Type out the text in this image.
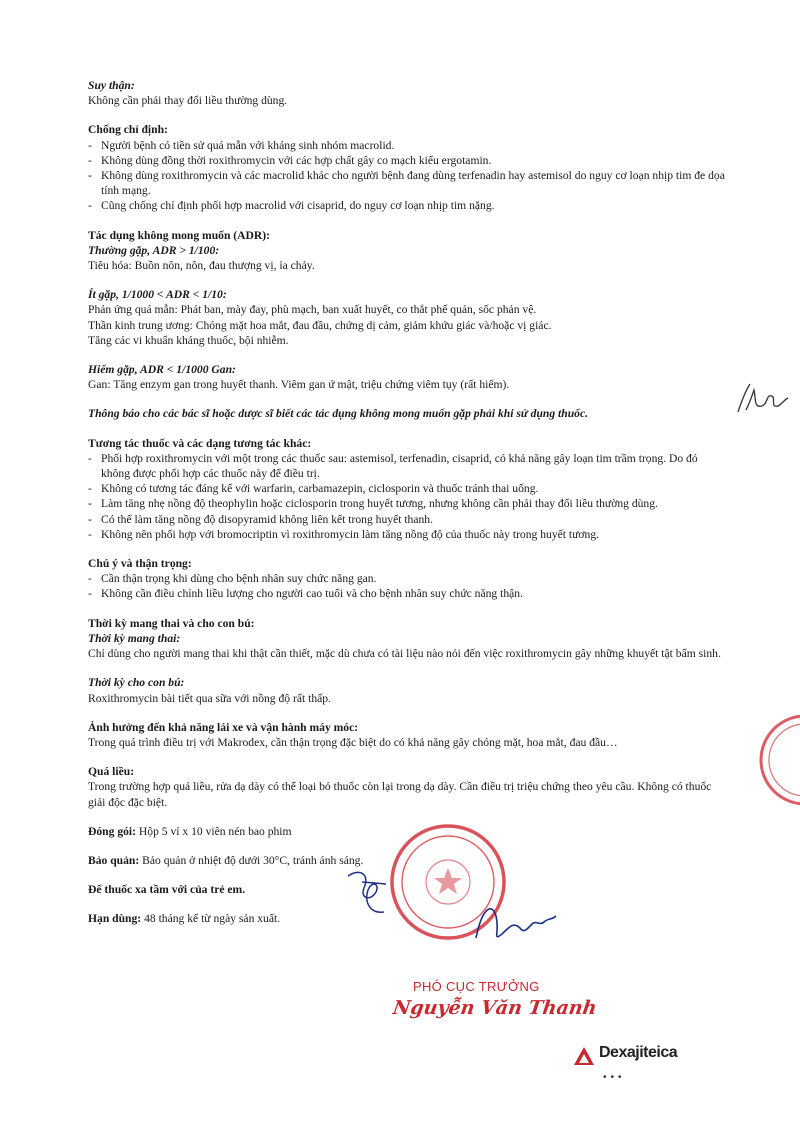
Suy thận:

Không cần phải thay đổi liều thường dùng.

Chống chỉ định:

- Người bệnh có tiền sử quá mẫn với kháng sinh nhóm macrolid.
- Không dùng đồng thời roxithromycin với các hợp chất gây co mạch kiểu ergotamin.
- Không dùng roxithromycin và các macrolid khác cho người bệnh đang dùng terfenadin hay astemisol do nguy cơ loạn nhịp tim đe dọa tính mạng.
- Cũng chống chỉ định phối hợp macrolid với cisaprid, do nguy cơ loạn nhịp tim nặng.

Tác dụng không mong muốn (ADR):

Thường gặp, ADR > 1/100:

Tiêu hóa: Buồn nôn, nôn, đau thượng vị, ỉa chảy.

Ít gặp, 1/1000 < ADR < 1/10:

Phản ứng quá mẫn: Phát ban, mày đay, phù mạch, ban xuất huyết, co thắt phế quản, sốc phản vệ.

Thần kinh trung ương: Chóng mặt hoa mắt, đau đầu, chứng dị cảm, giảm khứu giác và/hoặc vị giác.

Tăng các vi khuẩn kháng thuốc, bội nhiễm.

Hiếm gặp, ADR < 1/1000 Gan:

Gan: Tăng enzym gan trong huyết thanh. Viêm gan ứ mật, triệu chứng viêm tụy (rất hiếm).

Thông báo cho các bác sĩ hoặc dược sĩ biết các tác dụng không mong muốn gặp phải khi sử dụng thuốc.

Tương tác thuốc và các dạng tương tác khác:

- Phối hợp roxithromycin với một trong các thuốc sau: astemisol, terfenadin, cisaprid, có khả năng gây loạn tim trầm trọng. Do đó không được phối hợp các thuốc này để điều trị.
- Không có tương tác đáng kể với warfarin, carbamazepin, ciclosporin và thuốc tránh thai uống.
- Làm tăng nhẹ nồng độ theophylin hoặc ciclosporin trong huyết tương, nhưng không cần phải thay đổi liều thường dùng.
- Có thể làm tăng nồng độ disopyramid không liên kết trong huyết thanh.
- Không nên phối hợp với bromocriptin vì roxithromycin làm tăng nồng độ của thuốc này trong huyết tương.

Chú ý và thận trọng:

- Cần thận trọng khi dùng cho bệnh nhân suy chức năng gan.
- Không cần điều chỉnh liều lượng cho người cao tuổi và cho bệnh nhân suy chức năng thận.

Thời kỳ mang thai và cho con bú:

Thời kỳ mang thai:

Chỉ dùng cho người mang thai khi thật cần thiết, mặc dù chưa có tài liệu nào nói đến việc roxithromycin gây những khuyết tật bẩm sinh.

Thời kỳ cho con bú:

Roxithromycin bài tiết qua sữa với nồng độ rất thấp.

Ảnh hưởng đến khả năng lái xe và vận hành máy móc:

Trong quá trình điều trị với Makrodex, cần thận trọng đặc biệt do có khả năng gây chóng mặt, hoa mắt, đau đầu…

Quá liều:

Trong trường hợp quá liều, rửa dạ dày có thể loại bỏ thuốc còn lại trong dạ dày. Cần điều trị triệu chứng theo yêu cầu. Không có thuốc giải độc đặc biệt.

Đóng gói: Hộp 5 vỉ x 10 viên nén bao phim

Bảo quản: Bảo quản ở nhiệt độ dưới 30°C, tránh ánh sáng.

Để thuốc xa tầm với của trẻ em.

Hạn dùng: 48 tháng kể từ ngày sản xuất.

PHÓ CỤC TRƯỞNG
Nguyễn Văn Thanh
Dexajiteica
•••
